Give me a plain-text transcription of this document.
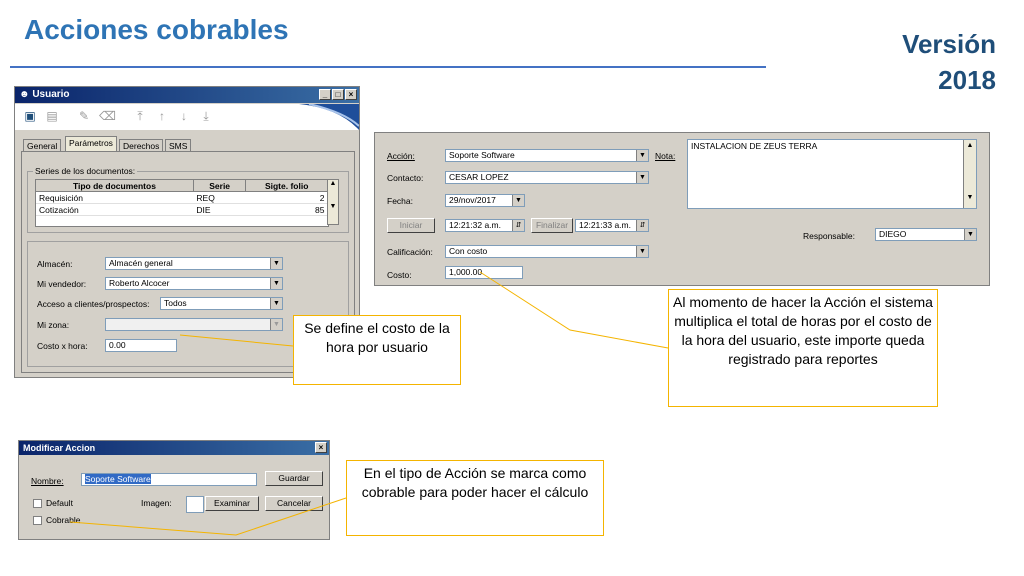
Acciones cobrables	Versión
2018
☻ Usuario	_	□	×
▣ ▤ ✎ ⌫	⤒	↑	↓	⤓
General	Parámetros	Derechos	SMS
Series de los documentos:
Tipo de documentos	Serie	Sigte. folio
Requisición	REQ	2
Cotización	DIE	85
▲
▼
Almacén:	Almacén general	▼
Mi vendedor:	Roberto Alcocer	▼
Acceso a clientes/prospectos:	Todos	▼
Mi zona:	▼
Costo x hora:	0.00
Acción:	Soporte Software	▼ Nota:
INSTALACION DE ZEUS TERRA	▲
▼
Contacto:	CESAR LOPEZ	▼
Fecha:	29/nov/2017	▼
Iniciar	12:21:32 a.m.	⇵	Finalizar	12:21:33 a.m.	⇵
Responsable:	DIEGO	▼
Calificación:	Con costo	▼
Costo:	1,000.00
Modificar Accion	×
Nombre:	Soporte Software	Guardar
Default	Imagen:	Examinar	Cancelar
Cobrable
Se define el costo de la hora por usuario
Al momento de hacer la Acción el sistema multiplica el total de horas por el costo de la hora del usuario, este importe queda registrado para reportes
En el tipo de Acción se marca como cobrable para poder hacer el cálculo
